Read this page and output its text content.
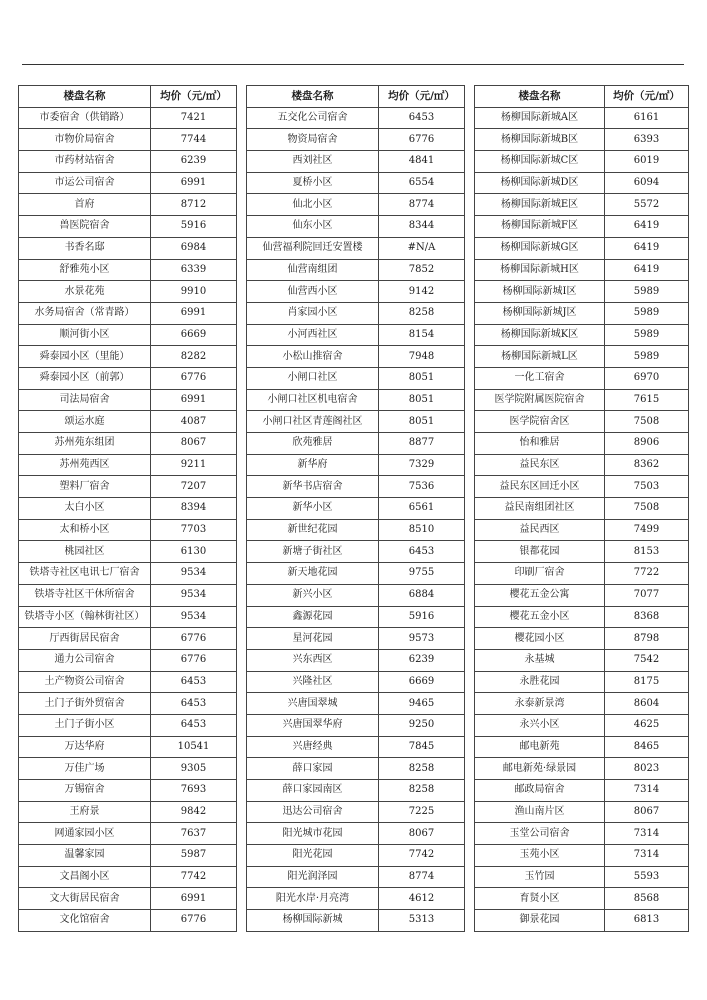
楼盘名称	均价（元/㎡）
市委宿舍（供销路）	7421
市物价局宿舍	7744
市药材站宿舍	6239
市运公司宿舍	6991
首府	8712
兽医院宿舍	5916
书香名邸	6984
舒雅苑小区	6339
水景花苑	9910
水务局宿舍（常青路）	6991
顺河街小区	6669
舜泰园小区（里能）	8282
舜泰园小区（前郭）	6776
司法局宿舍	6991
颂运水庭	4087
苏州苑东组团	8067
苏州苑西区	9211
塑料厂宿舍	7207
太白小区	8394
太和桥小区	7703
桃园社区	6130
铁塔寺社区电讯七厂宿舍	9534
铁塔寺社区干休所宿舍	9534
铁塔寺小区（翰林街社区）	9534
厅西街居民宿舍	6776
通力公司宿舍	6776
土产物资公司宿舍	6453
土门子街外贸宿舍	6453
土门子街小区	6453
万达华府	10541
万佳广场	9305
万锡宿舍	7693
王府景	9842
网通家园小区	7637
温馨家园	5987
文昌阁小区	7742
文大街居民宿舍	6991
文化馆宿舍	6776
楼盘名称	均价（元/㎡）
五交化公司宿舍	6453
物资局宿舍	6776
西刘社区	4841
夏桥小区	6554
仙北小区	8774
仙东小区	8344
仙营福利院回迁安置楼	#N/A
仙营南组团	7852
仙营西小区	9142
肖家园小区	8258
小河西社区	8154
小松山推宿舍	7948
小闸口社区	8051
小闸口社区机电宿舍	8051
小闸口社区青莲阁社区	8051
欣苑雅居	8877
新华府	7329
新华书店宿舍	7536
新华小区	6561
新世纪花园	8510
新塘子街社区	6453
新天地花园	9755
新兴小区	6884
鑫源花园	5916
星河花园	9573
兴东西区	6239
兴隆社区	6669
兴唐国翠城	9465
兴唐国翠华府	9250
兴唐经典	7845
薛口家园	8258
薛口家园南区	8258
迅达公司宿舍	7225
阳光城市花园	8067
阳光花园	7742
阳光润泽园	8774
阳光水岸·月亮湾	4612
杨柳国际新城	5313
楼盘名称	均价（元/㎡）
杨柳国际新城A区	6161
杨柳国际新城B区	6393
杨柳国际新城C区	6019
杨柳国际新城D区	6094
杨柳国际新城E区	5572
杨柳国际新城F区	6419
杨柳国际新城G区	6419
杨柳国际新城H区	6419
杨柳国际新城I区	5989
杨柳国际新城J区	5989
杨柳国际新城K区	5989
杨柳国际新城L区	5989
一化工宿舍	6970
医学院附属医院宿舍	7615
医学院宿舍区	7508
怡和雅居	8906
益民东区	8362
益民东区回迁小区	7503
益民南组团社区	7508
益民西区	7499
银都花园	8153
印刷厂宿舍	7722
樱花五金公寓	7077
樱花五金小区	8368
樱花园小区	8798
永基城	7542
永胜花园	8175
永泰新景湾	8604
永兴小区	4625
邮电新苑	8465
邮电新苑·绿景园	8023
邮政局宿舍	7314
渔山南片区	8067
玉堂公司宿舍	7314
玉苑小区	7314
玉竹园	5593
育贤小区	8568
御景花园	6813
